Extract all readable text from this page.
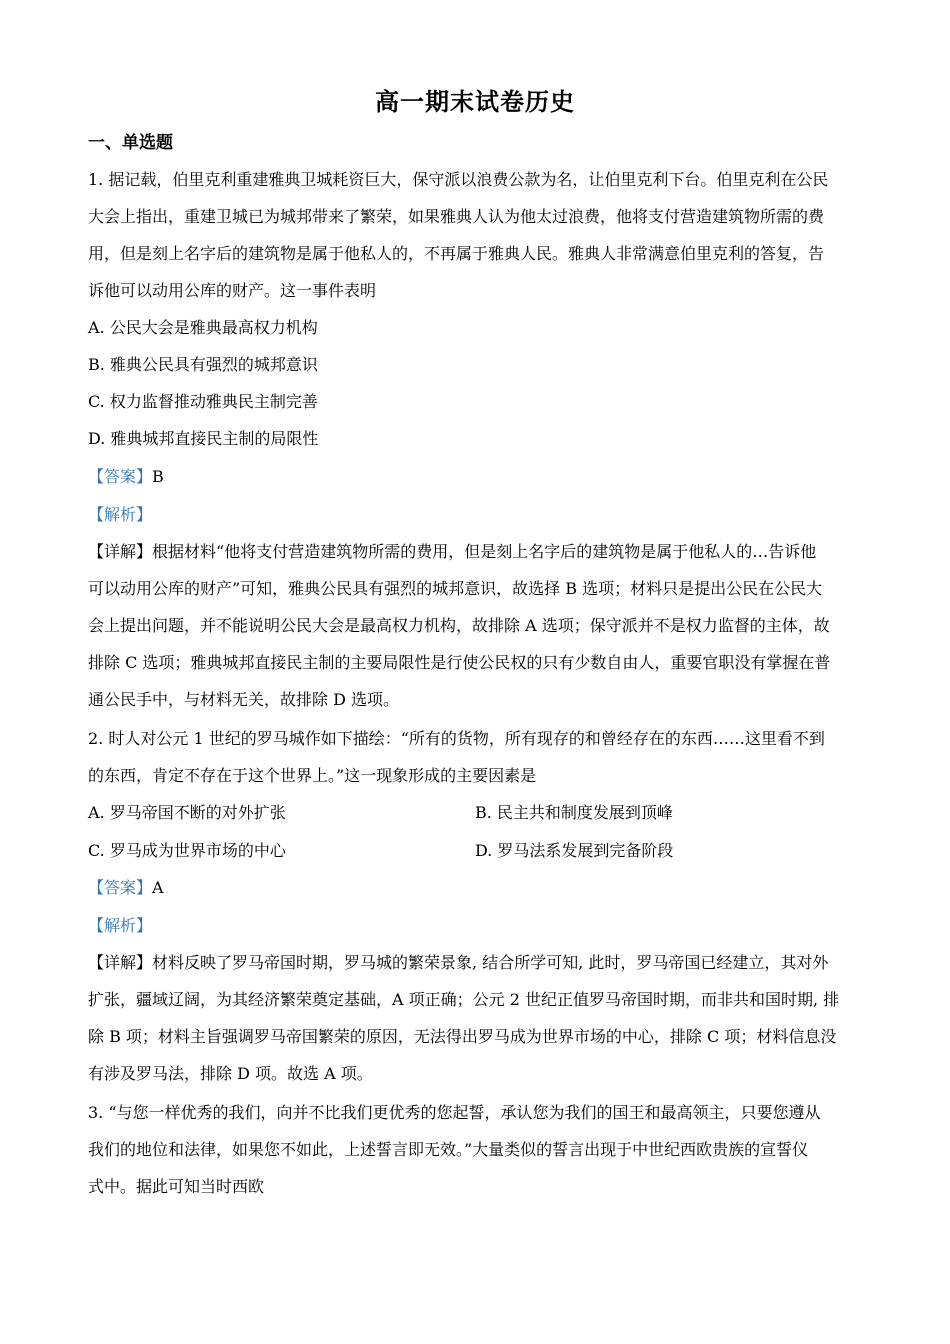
高一期末试卷历史
一、单选题
1. 据记载，伯里克利重建雅典卫城耗资巨大，保守派以浪费公款为名，让伯里克利下台。伯里克利在公民
大会上指出，重建卫城已为城邦带来了繁荣，如果雅典人认为他太过浪费，他将支付营造建筑物所需的费
用，但是刻上名字后的建筑物是属于他私人的，不再属于雅典人民。雅典人非常满意伯里克利的答复，告
诉他可以动用公库的财产。这一事件表明
A. 公民大会是雅典最高权力机构
B. 雅典公民具有强烈的城邦意识
C. 权力监督推动雅典民主制完善
D. 雅典城邦直接民主制的局限性
【答案】B
【解析】
【详解】根据材料“他将支付营造建筑物所需的费用，但是刻上名字后的建筑物是属于他私人的…告诉他
可以动用公库的财产”可知，雅典公民具有强烈的城邦意识，故选择 B 选项；材料只是提出公民在公民大
会上提出问题，并不能说明公民大会是最高权力机构，故排除 A 选项；保守派并不是权力监督的主体，故
排除 C 选项；雅典城邦直接民主制的主要局限性是行使公民权的只有少数自由人，重要官职没有掌握在普
通公民手中，与材料无关，故排除 D 选项。
2. 时人对公元 1 世纪的罗马城作如下描绘：“所有的货物，所有现存的和曾经存在的东西……这里看不到
的东西，肯定不存在于这个世界上。”这一现象形成的主要因素是
A. 罗马帝国不断的对外扩张	B. 民主共和制度发展到顶峰
C. 罗马成为世界市场的中心	D. 罗马法系发展到完备阶段
【答案】A
【解析】
【详解】材料反映了罗马帝国时期，罗马城的繁荣景象, 结合所学可知, 此时，罗马帝国已经建立，其对外
扩张，疆域辽阔，为其经济繁荣奠定基础，A 项正确；公元 2 世纪正值罗马帝国时期，而非共和国时期, 排
除 B 项；材料主旨强调罗马帝国繁荣的原因，无法得出罗马成为世界市场的中心，排除 C 项；材料信息没
有涉及罗马法，排除 D 项。故选 A 项。
3. “与您一样优秀的我们，向并不比我们更优秀的您起誓，承认您为我们的国王和最高领主，只要您遵从
我们的地位和法律，如果您不如此，上述誓言即无效。”大量类似的誓言出现于中世纪西欧贵族的宣誓仪
式中。据此可知当时西欧
